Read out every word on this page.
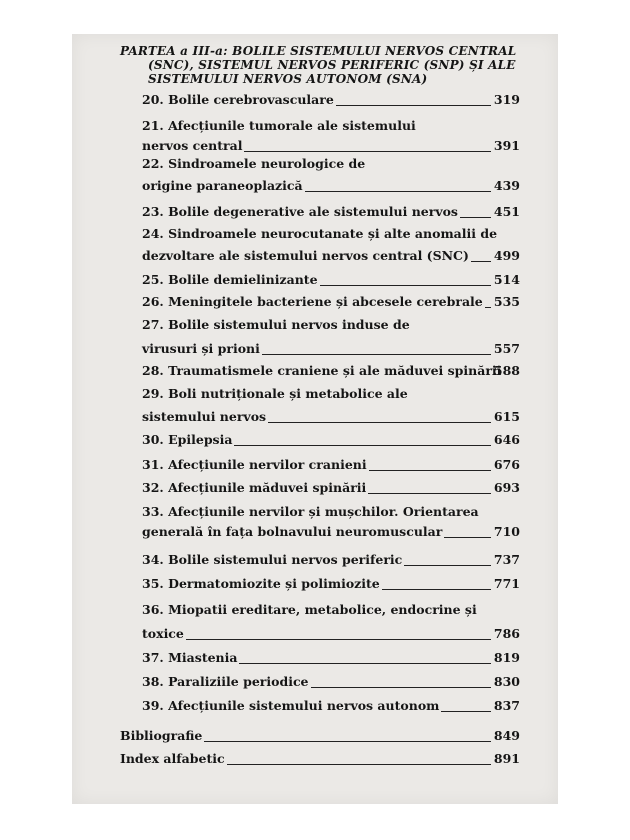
PARTEA a III-a: BOLILE SISTEMULUI NERVOS CENTRAL
(SNC), SISTEMUL NERVOS PERIFERIC (SNP) ȘI ALE
SISTEMULUI NERVOS AUTONOM (SNA)
20. Bolile cerebrovasculare	319
21. Afecțiunile tumorale ale sistemului
nervos central	391
22. Sindroamele neurologice de
origine paraneoplazică	439
23. Bolile degenerative ale sistemului nervos	451
24. Sindroamele neurocutanate și alte anomalii de
dezvoltare ale sistemului nervos central (SNC) 499
25. Bolile demielinizante	514
26. Meningitele bacteriene și abcesele cerebrale 535
27. Bolile sistemului nervos induse de
virusuri și prioni	557
28. Traumatismele craniene și ale măduvei spinării
588
29. Boli nutriționale și metabolice ale
sistemului nervos	615
30. Epilepsia	646
31. Afecțiunile nervilor cranieni	676
32. Afecțiunile măduvei spinării	693
33. Afecțiunile nervilor și mușchilor. Orientarea
generală în fața bolnavului neuromuscular	710
34. Bolile sistemului nervos periferic	737
35. Dermatomiozite și polimiozite	771
36. Miopatii ereditare, metabolice, endocrine și
toxice	786
37. Miastenia	819
38. Paraliziile periodice	830
39. Afecțiunile sistemului nervos autonom	837
Bibliografie	849
Index alfabetic	891
